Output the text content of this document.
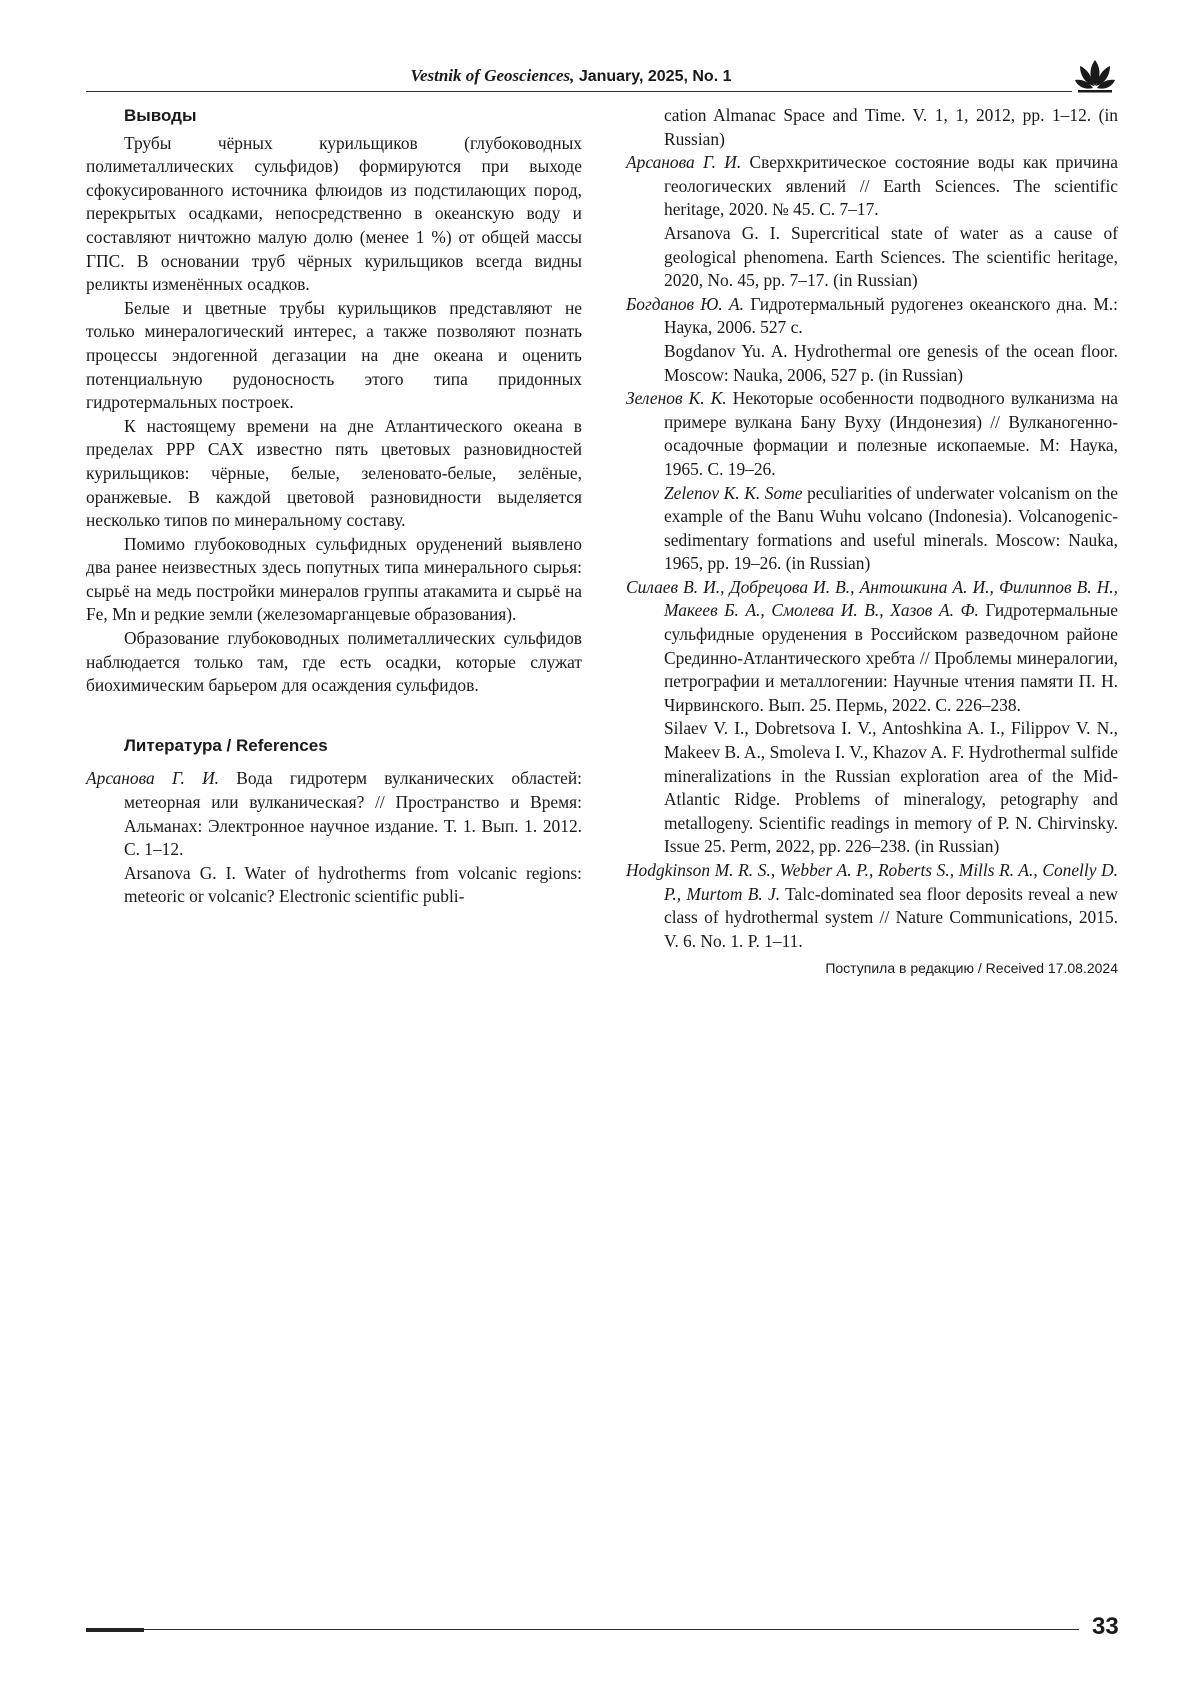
Vestnik of Geosciences, January, 2025, No. 1
Выводы

Трубы чёрных курильщиков (глубоководных полиметаллических сульфидов) формируются при выходе сфокусированного источника флюидов из подстилающих пород, перекрытых осадками, непосредственно в океанскую воду и составляют ничтожно малую долю (менее 1 %) от общей массы ГПС. В основании труб чёрных курильщиков всегда видны реликты изменённых осадков.

Белые и цветные трубы курильщиков представляют не только минералогический интерес, а также позволяют познать процессы эндогенной дегазации на дне океана и оценить потенциальную рудоносность этого типа придонных гидротермальных построек.

К настоящему времени на дне Атлантического океана в пределах РРР САХ известно пять цветовых разновидностей курильщиков: чёрные, белые, зеленовато-белые, зелёные, оранжевые. В каждой цветовой разновидности выделяется несколько типов по минеральному составу.

Помимо глубоководных сульфидных оруденений выявлено два ранее неизвестных здесь попутных типа минерального сырья: сырьё на медь постройки минералов группы атакамита и сырьё на Fe, Mn и редкие земли (железомарганцевые образования).

Образование глубоководных полиметаллических сульфидов наблюдается только там, где есть осадки, которые служат биохимическим барьером для осаждения сульфидов.

Литература / References

Арсанова Г. И. Вода гидротерм вулканических областей: метеорная или вулканическая? // Пространство и Время: Альманах: Электронное научное издание. Т. 1. Вып. 1. 2012. С. 1–12.

Arsanova G. I. Water of hydrotherms from volcanic regions: meteoric or volcanic? Electronic scientific publi-

cation Almanac Space and Time. V. 1, 1, 2012, pp. 1–12. (in Russian)

Арсанова Г. И. Сверхкритическое состояние воды как причина геологических явлений // Earth Sciences. The scientific heritage, 2020. № 45. С. 7–17.

Arsanova G. I. Supercritical state of water as a cause of geological phenomena. Earth Sciences. The scientific heritage, 2020, No. 45, pp. 7–17. (in Russian)

Богданов Ю. А. Гидротермальный рудогенез океанского дна. М.: Наука, 2006. 527 с.

Bogdanov Yu. A. Hydrothermal ore genesis of the ocean floor. Moscow: Nauka, 2006, 527 p. (in Russian)

Зеленов К. К. Некоторые особенности подводного вулканизма на примере вулкана Бану Вуху (Индонезия) // Вулканогенно-осадочные формации и полезные ископаемые. М: Наука, 1965. С. 19–26.

Zelenov K. K. Some peculiarities of underwater volcanism on the example of the Banu Wuhu volcano (Indonesia). Volcanogenic-sedimentary formations and useful minerals. Moscow: Nauka, 1965, pp. 19–26. (in Russian)

Силаев В. И., Добрецова И. В., Антошкина А. И., Филиппов В. Н., Макеев Б. А., Смолева И. В., Хазов А. Ф. Гидротермальные сульфидные оруденения в Российском разведочном районе Срединно-Атлантического хребта // Проблемы минералогии, петрографии и металлогении: Научные чтения памяти П. Н. Чирвинского. Вып. 25. Пермь, 2022. С. 226–238.

Silaev V. I., Dobretsova I. V., Antoshkina A. I., Filippov V. N., Makeev B. A., Smoleva I. V., Khazov A. F. Hydrothermal sulfide mineralizations in the Russian exploration area of the Mid-Atlantic Ridge. Problems of mineralogy, petography and metallogeny. Scientific readings in memory of P. N. Chirvinsky. Issue 25. Perm, 2022, pp. 226–238. (in Russian)

Hodgkinson M. R. S., Webber A. P., Roberts S., Mills R. A., Conelly D. P., Murtom B. J. Talc-dominated sea floor deposits reveal a new class of hydrothermal system // Nature Communications, 2015. V. 6. No. 1. P. 1–11.

Поступила в редакцию / Received 17.08.2024
33
